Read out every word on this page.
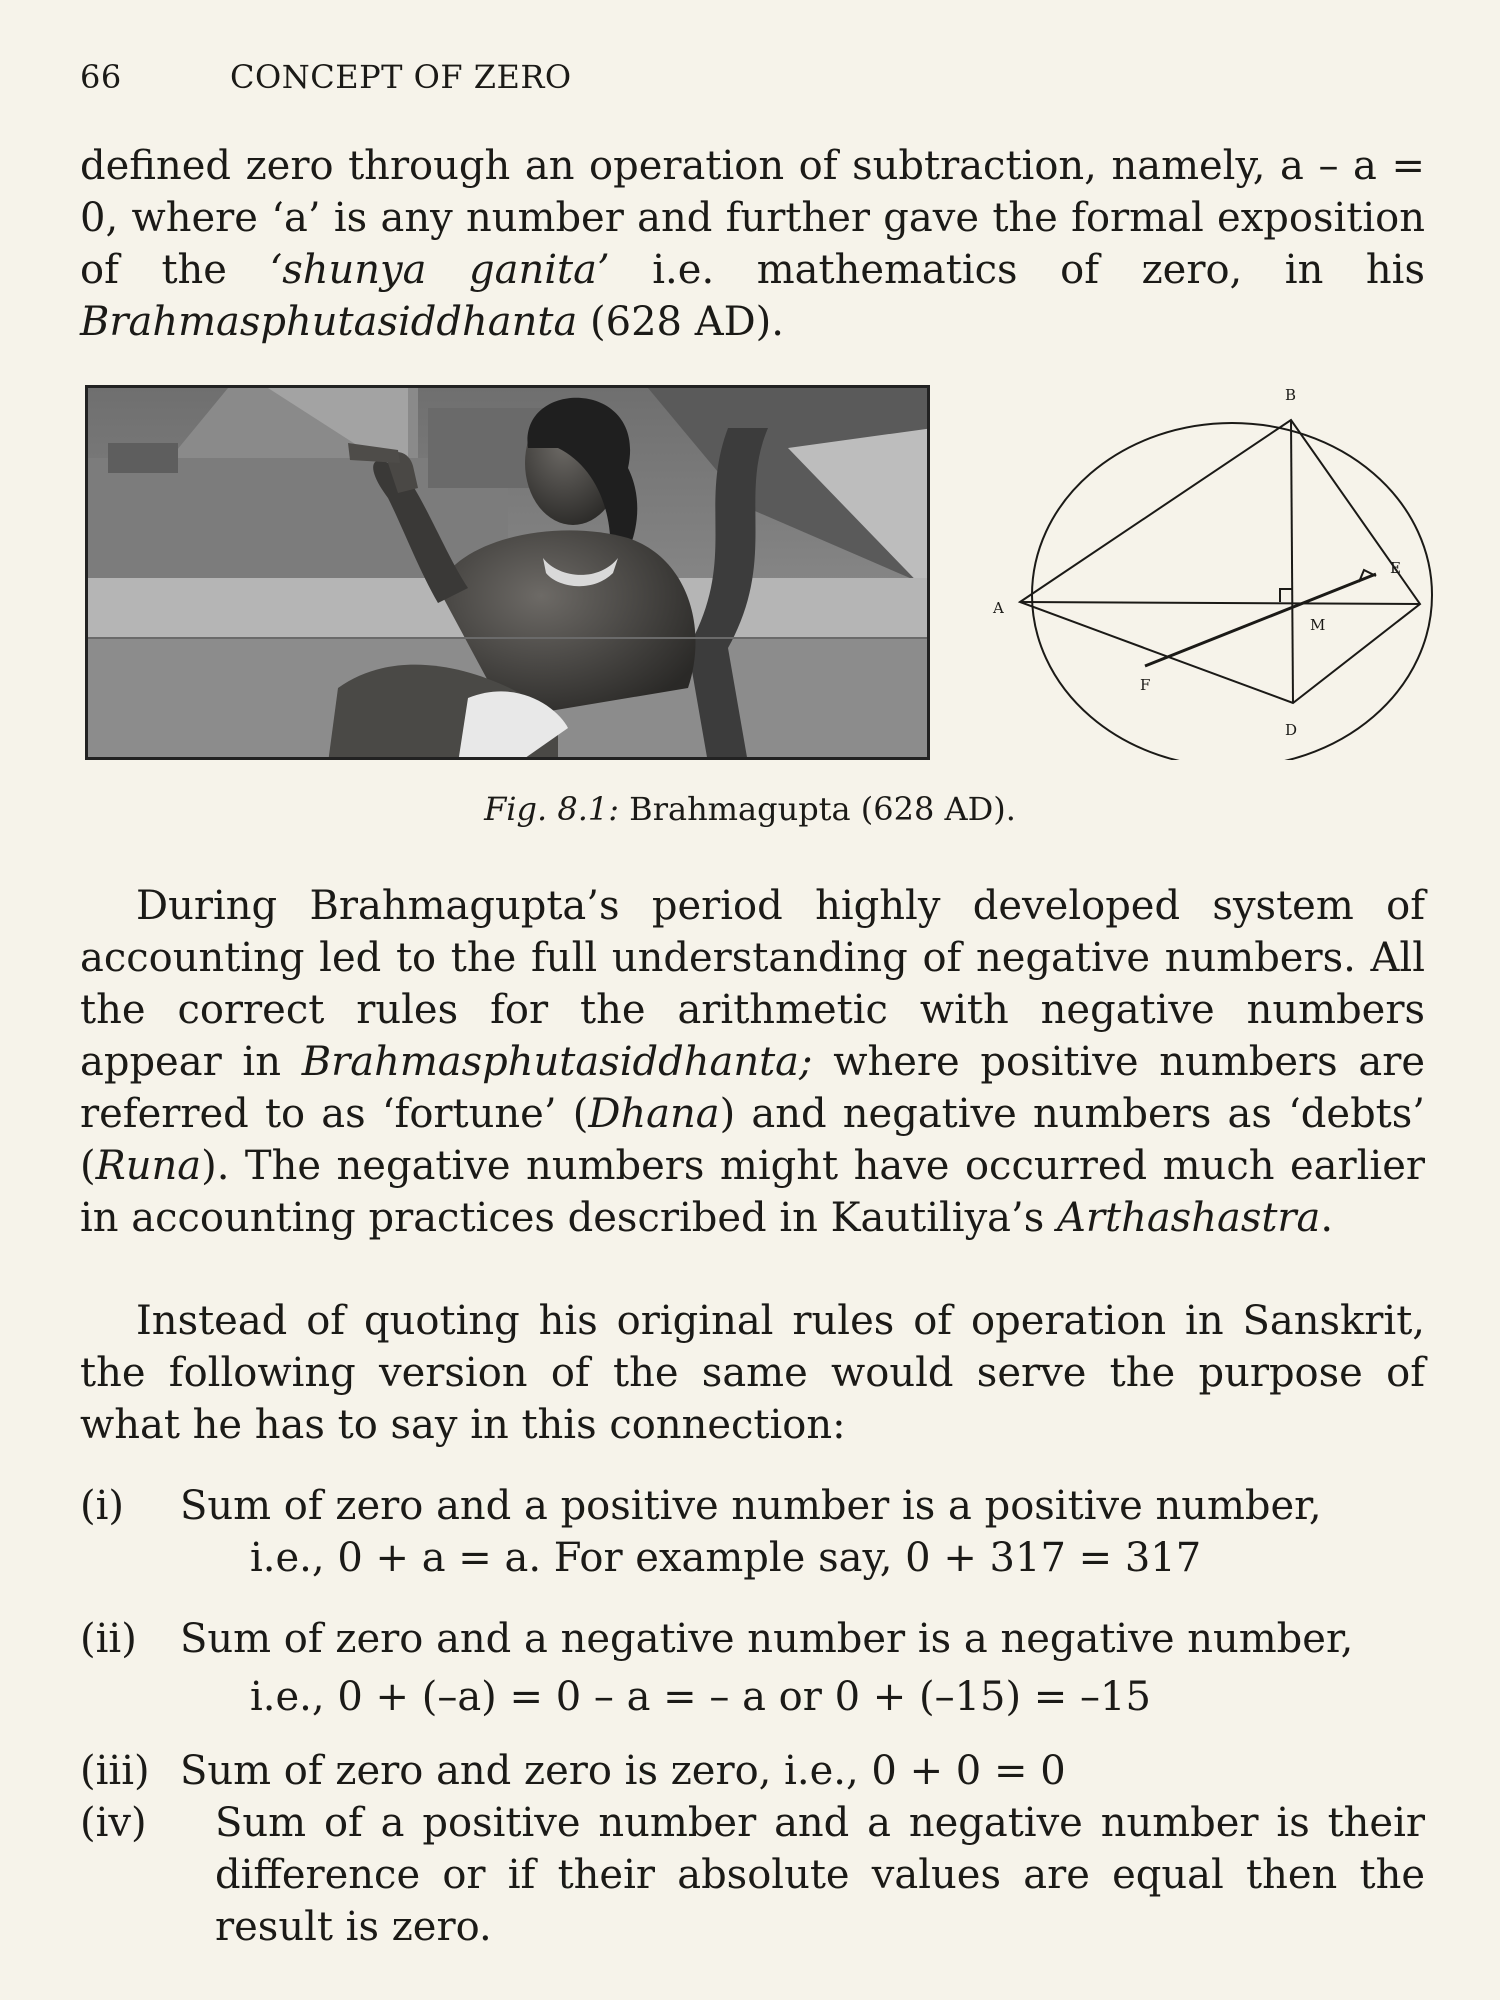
66	CONCEPT OF ZERO
defined zero through an operation of subtraction, namely, a – a = 0, where ‘a’ is any number and further gave the formal exposition of the ‘shunya ganita’ i.e. mathematics of zero, in his Brahmasphutasiddhanta (628 AD).
B
A
E
M
F
D
Fig. 8.1: Brahmagupta (628 AD).
During Brahmagupta’s period highly developed system of accounting led to the full understanding of negative numbers. All the correct rules for the arithmetic with negative numbers appear in Brahmasphutasiddhanta; where positive numbers are referred to as ‘fortune’ (Dhana) and negative numbers as ‘debts’ (Runa). The negative numbers might have occurred much earlier in accounting practices described in Kautiliya’s Arthashastra.
Instead of quoting his original rules of operation in Sanskrit, the following version of the same would serve the purpose of what he has to say in this connection:
(i) Sum of zero and a positive number is a positive number,
i.e., 0 + a = a. For example say, 0 + 317 = 317
(ii) Sum of zero and a negative number is a negative number,
i.e., 0 + (–a) = 0 – a = – a or 0 + (–15) = –15
(iii) Sum of zero and zero is zero, i.e., 0 + 0 = 0
(iv) Sum of a positive number and a negative number is their difference or if their absolute values are equal then the result is zero.
